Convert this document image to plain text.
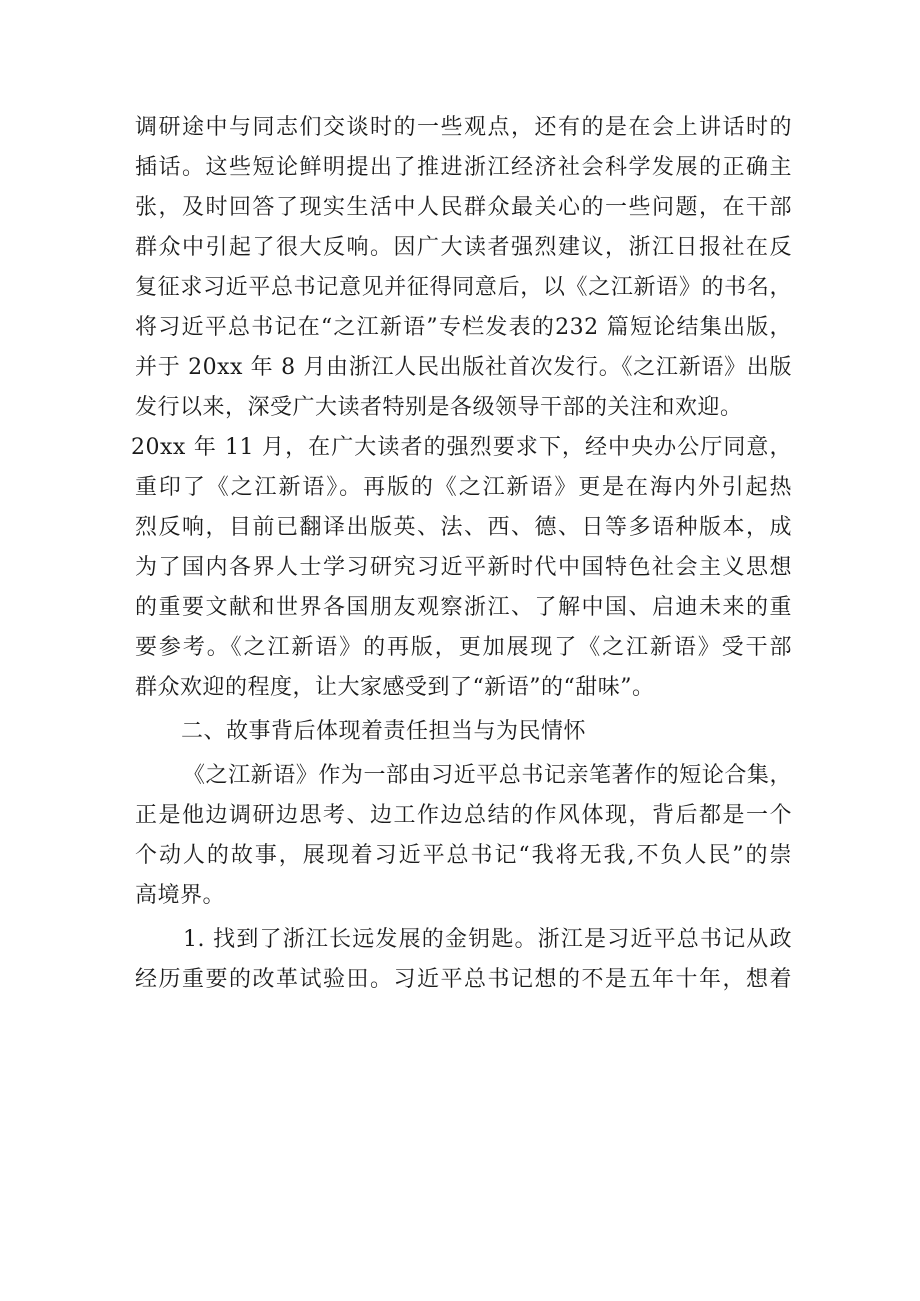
调研途中与同志们交谈时的一些观点，还有的是在会上讲话时的

插话。这些短论鲜明提出了推进浙江经济社会科学发展的正确主

张，及时回答了现实生活中人民群众最关心的一些问题，在干部

群众中引起了很大反响。因广大读者强烈建议，浙江日报社在反

复征求习近平总书记意见并征得同意后，以《之江新语》的书名，

将习近平总书记在“之江新语”专栏发表的232 篇短论结集出版，

并于 20xx 年 8 月由浙江人民出版社首次发行。《之江新语》出版

发行以来，深受广大读者特别是各级领导干部的关注和欢迎。

20xx 年 11 月，在广大读者的强烈要求下，经中央办公厅同意，

重印了《之江新语》。再版的《之江新语》更是在海内外引起热

烈反响，目前已翻译出版英、法、西、德、日等多语种版本，成

为了国内各界人士学习研究习近平新时代中国特色社会主义思想

的重要文献和世界各国朋友观察浙江、了解中国、启迪未来的重

要参考。《之江新语》的再版，更加展现了《之江新语》受干部

群众欢迎的程度，让大家感受到了“新语”的“甜味”。

二、故事背后体现着责任担当与为民情怀

《之江新语》作为一部由习近平总书记亲笔著作的短论合集，

正是他边调研边思考、边工作边总结的作风体现，背后都是一个

个动人的故事，展现着习近平总书记“我将无我,不负人民”的崇

高境界。

1. 找到了浙江长远发展的金钥匙。浙江是习近平总书记从政

经历重要的改革试验田。习近平总书记想的不是五年十年，想着
